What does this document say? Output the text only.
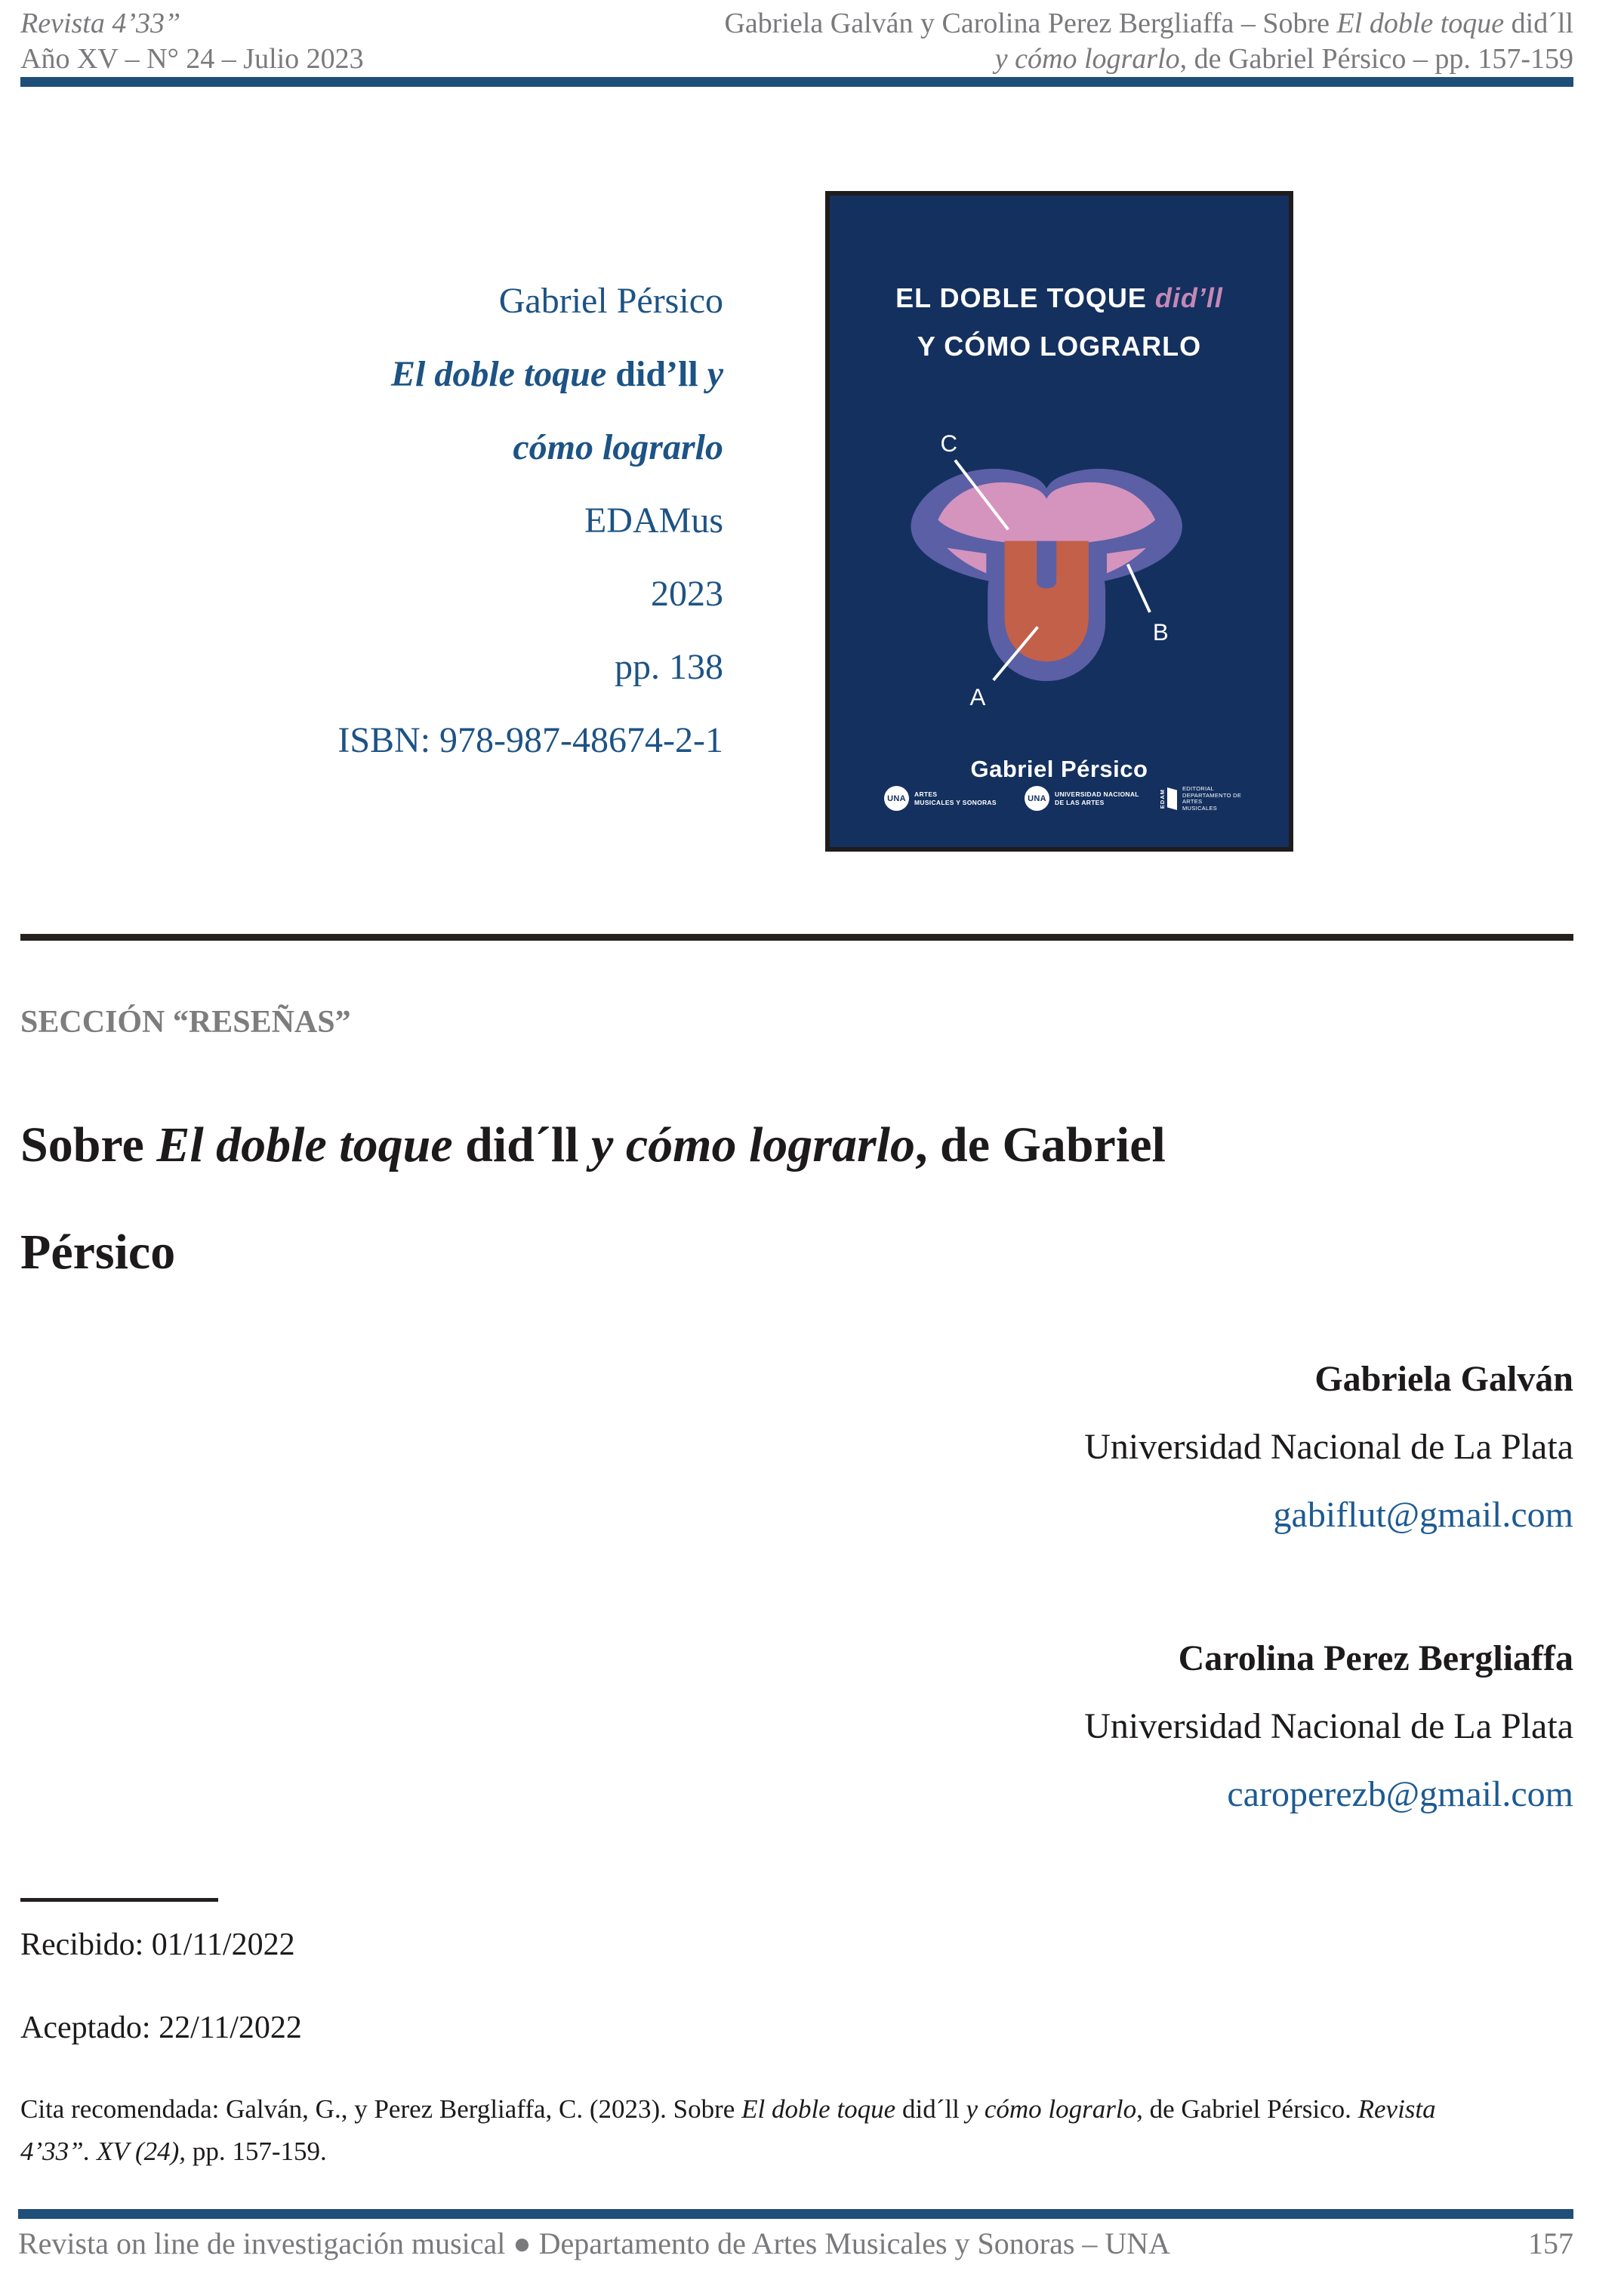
Revista 4’33”
Año XV – N° 24 – Julio 2023
Gabriela Galván y Carolina Perez Bergliaffa – Sobre El doble toque did´ll
y cómo lograrlo, de Gabriel Pérsico – pp. 157-159
Gabriel Pérsico
El doble toque did’ll y
cómo lograrlo
EDAMus
2023
pp. 138
ISBN: 978-987-48674-2-1
EL DOBLE TOQUE did’ll
Y CÓMO LOGRARLO
C
B
A
Gabriel Pérsico
UNA	ARTES
MUSICALES Y SONORAS	UNA	UNIVERSIDAD NACIONAL
DE LAS ARTES	EDAM
EDITORIAL
DEPARTAMENTO DE
ARTES
MUSICALES
SECCIÓN “RESEÑAS”
Sobre El doble toque did´ll y cómo lograrlo, de Gabriel
Pérsico
Gabriela Galván
Universidad Nacional de La Plata
gabiflut@gmail.com
Carolina Perez Bergliaffa
Universidad Nacional de La Plata
caroperezb@gmail.com
Recibido: 01/11/2022
Aceptado: 22/11/2022
Cita recomendada: Galván, G., y Perez Bergliaffa, C. (2023). Sobre El doble toque did´ll y cómo lograrlo, de Gabriel Pérsico. Revista
4’33”. XV (24), pp. 157-159.
Revista on line de investigación musical ● Departamento de Artes Musicales y Sonoras – UNA	157
